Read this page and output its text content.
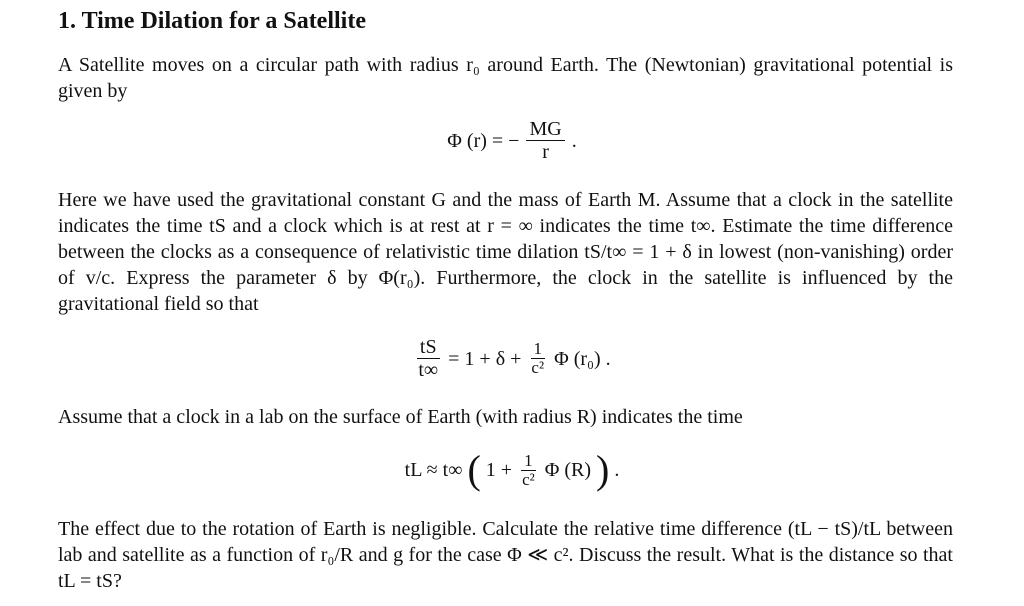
1. Time Dilation for a Satellite

A Satellite moves on a circular path with radius r₀ around Earth. The (Newtonian) gravitational potential is given by

Φ (r) = − $\frac{MG}{r}$ .

Here we have used the gravitational constant G and the mass of Earth M. Assume that a clock in the satellite indicates the time tS and a clock which is at rest at r = ∞ indicates the time t∞. Estimate the time difference between the clocks as a consequence of relativistic time dilation tS/t∞ = 1 + δ in lowest (non-vanishing) order of v/c. Express the parameter δ by Φ(r₀). Furthermore, the clock in the satellite is influenced by the gravitational field so that

$\frac{tS}{t\infty} = 1 + \delta + \frac{1}{\text{c²}}$ Φ (r₀) .

Assume that a clock in a lab on the surface of Earth (with radius R) indicates the time

tL ≈ t∞ ( $1 + \frac{1}{\text{c²}}$ Φ (R) ) .

The effect due to the rotation of Earth is negligible. Calculate the relative time difference (tL − tS)/tL between lab and satellite as a function of r₀/R and g for the case Φ ≪ c². Discuss the result. What is the distance so that tL = tS?
